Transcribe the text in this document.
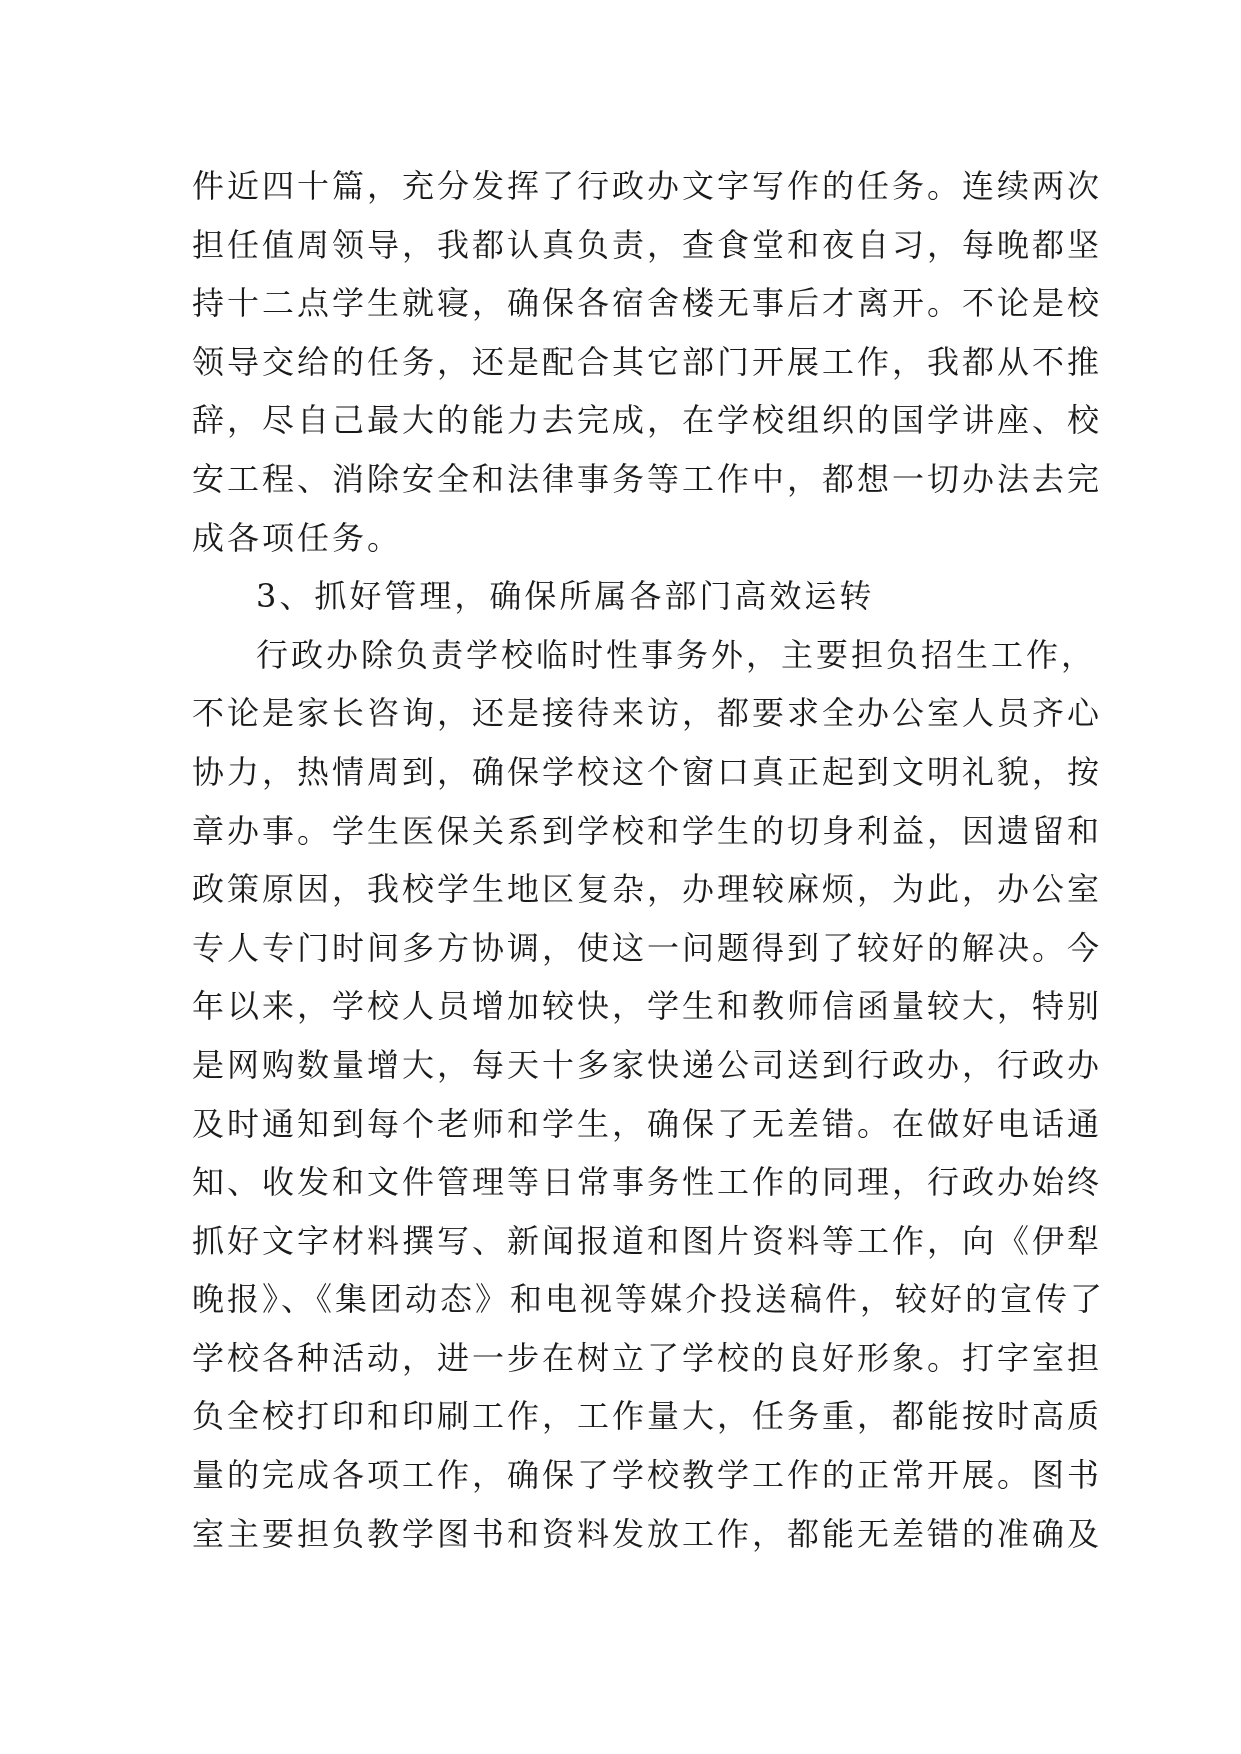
件近四十篇，充分发挥了行政办文字写作的任务。连续两次
担任值周领导，我都认真负责，查食堂和夜自习，每晚都坚
持十二点学生就寝，确保各宿舍楼无事后才离开。不论是校
领导交给的任务，还是配合其它部门开展工作，我都从不推
辞，尽自己最大的能力去完成，在学校组织的国学讲座、校
安工程、消除安全和法律事务等工作中，都想一切办法去完
成各项任务。
3、抓好管理，确保所属各部门高效运转
行政办除负责学校临时性事务外，主要担负招生工作，
不论是家长咨询，还是接待来访，都要求全办公室人员齐心
协力，热情周到，确保学校这个窗口真正起到文明礼貌，按
章办事。学生医保关系到学校和学生的切身利益，因遗留和
政策原因，我校学生地区复杂，办理较麻烦，为此，办公室
专人专门时间多方协调，使这一问题得到了较好的解决。今
年以来，学校人员增加较快，学生和教师信函量较大，特别
是网购数量增大，每天十多家快递公司送到行政办，行政办
及时通知到每个老师和学生，确保了无差错。在做好电话通
知、收发和文件管理等日常事务性工作的同理，行政办始终
抓好文字材料撰写、新闻报道和图片资料等工作，向《伊犁
晚报》、《集团动态》和电视等媒介投送稿件，较好的宣传了
学校各种活动，进一步在树立了学校的良好形象。打字室担
负全校打印和印刷工作，工作量大，任务重，都能按时高质
量的完成各项工作，确保了学校教学工作的正常开展。图书
室主要担负教学图书和资料发放工作，都能无差错的准确及
